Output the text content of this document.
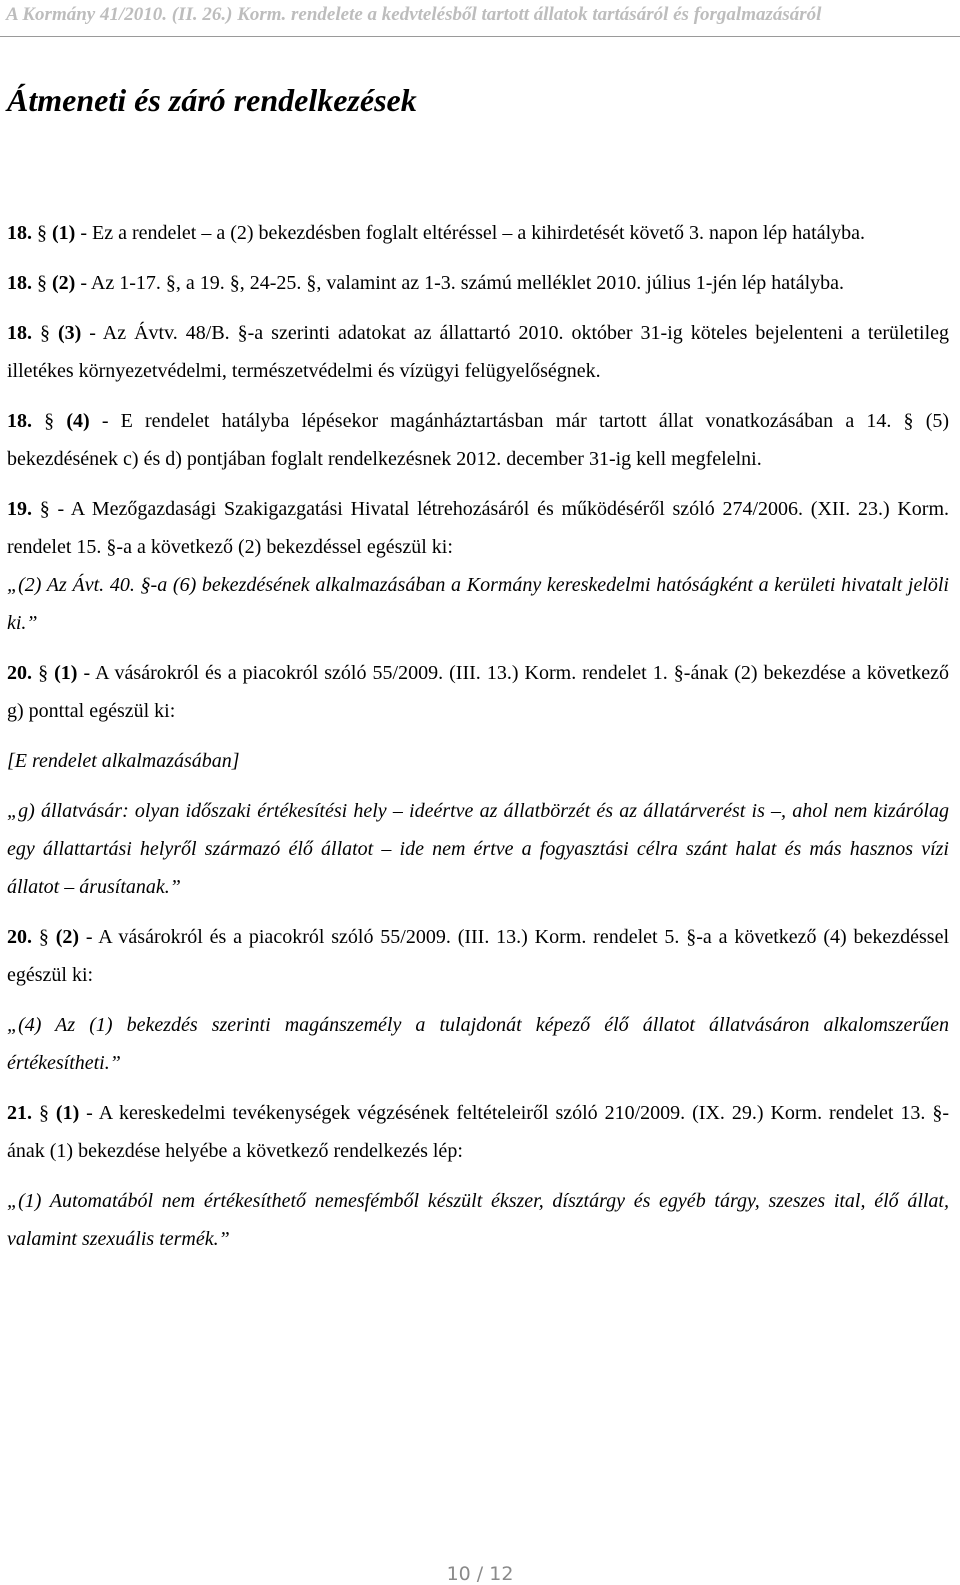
A Kormány 41/2010. (II. 26.) Korm. rendelete a kedvtelésből tartott állatok tartásáról és forgalmazásáról
Átmeneti és záró rendelkezések

18. § (1) - Ez a rendelet – a (2) bekezdésben foglalt eltéréssel – a kihirdetését követő 3. napon lép hatályba.

18. § (2) - Az 1-17. §, a 19. §, 24-25. §, valamint az 1-3. számú melléklet 2010. július 1-jén lép hatályba.

18. § (3) - Az Ávtv. 48/B. §-a szerinti adatokat az állattartó 2010. október 31-ig köteles bejelenteni a területileg illetékes környezetvédelmi, természetvédelmi és vízügyi felügyelőségnek.

18. § (4) - E rendelet hatályba lépésekor magánháztartásban már tartott állat vonatkozásában a 14. § (5) bekezdésének c) és d) pontjában foglalt rendelkezésnek 2012. december 31-ig kell megfelelni.

19. § - A Mezőgazdasági Szakigazgatási Hivatal létrehozásáról és működéséről szóló 274/2006. (XII. 23.) Korm. rendelet 15. §-a a következő (2) bekezdéssel egészül ki:

„(2) Az Ávt. 40. §-a (6) bekezdésének alkalmazásában a Kormány kereskedelmi hatóságként a kerületi hivatalt jelöli ki.”

20. § (1) - A vásárokról és a piacokról szóló 55/2009. (III. 13.) Korm. rendelet 1. §-ának (2) bekezdése a következő g) ponttal egészül ki:

[E rendelet alkalmazásában]

„g) állatvásár: olyan időszaki értékesítési hely – ideértve az állatbörzét és az állatárverést is –, ahol nem kizárólag egy állattartási helyről származó élő állatot – ide nem értve a fogyasztási célra szánt halat és más hasznos vízi állatot – árusítanak.”

20. § (2) - A vásárokról és a piacokról szóló 55/2009. (III. 13.) Korm. rendelet 5. §-a a következő (4) bekezdéssel egészül ki:

„(4) Az (1) bekezdés szerinti magánszemély a tulajdonát képező élő állatot állatvásáron alkalomszerűen értékesítheti.”

21. § (1) - A kereskedelmi tevékenységek végzésének feltételeiről szóló 210/2009. (IX. 29.) Korm. rendelet 13. §-ának (1) bekezdése helyébe a következő rendelkezés lép:

„(1) Automatából nem értékesíthető nemesfémből készült ékszer, dísztárgy és egyéb tárgy, szeszes ital, élő állat, valamint szexuális termék.”

10 / 12
